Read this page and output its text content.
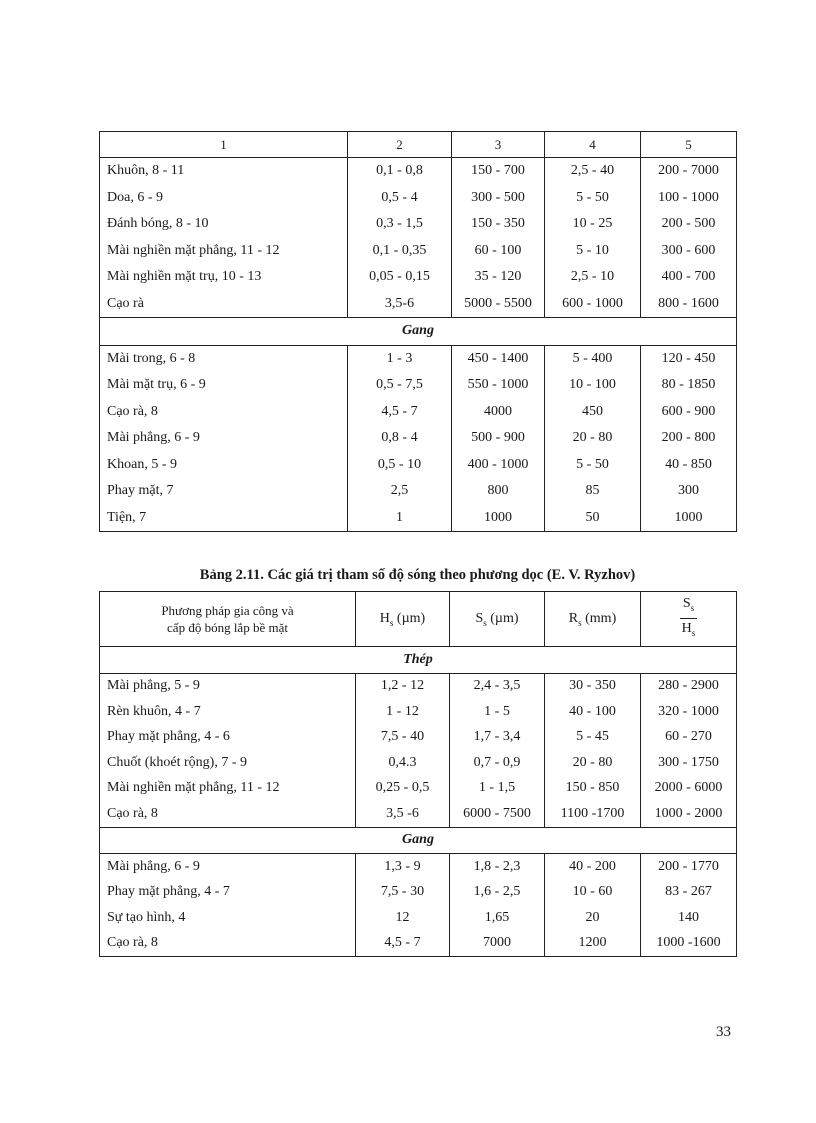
1	2	3	4	5
Khuôn, 8 - 11	0,1 - 0,8	150 - 700	2,5 - 40	200 - 7000
Doa, 6 - 9	0,5 - 4	300 - 500	5 - 50	100 - 1000
Đánh bóng, 8 - 10	0,3 - 1,5	150 - 350	10 - 25	200 - 500
Mài nghiền mặt phẳng, 11 - 12	0,1 - 0,35	60 - 100	5 - 10	300 - 600
Mài nghiền mặt trụ, 10 - 13	0,05 - 0,15	35 - 120	2,5 - 10	400 - 700
Cạo rà	3,5-6	5000 - 5500	600 - 1000	800 - 1600
Gang				
Mài trong, 6 - 8	1 - 3	450 - 1400	5 - 400	120 - 450
Mài mặt trụ, 6 - 9	0,5 - 7,5	550 - 1000	10 - 100	80 - 1850
Cạo rà, 8	4,5 - 7	4000	450	600 - 900
Mài phẳng, 6 - 9	0,8 - 4	500 - 900	20 - 80	200 - 800
Khoan, 5 - 9	0,5 - 10	400 - 1000	5 - 50	40 - 850
Phay mặt, 7	2,5	800	85	300
Tiện, 7	1	1000	50	1000
Bảng 2.11. Các giá trị tham số độ sóng theo phương dọc (E. V. Ryzhov)
Phương pháp gia công và
cấp độ bóng lắp bề mặt	$H_s$ (µm)	$S_s$ (µm)	$R_s$ (mm)	$\frac{S_s}{H_s}$

Thép				
Mài phẳng, 5 - 9	1,2 - 12	2,4 - 3,5	30 - 350	280 - 2900
Rèn khuôn, 4 - 7	1 - 12	1 - 5	40 - 100	320 - 1000
Phay mặt phẳng, 4 - 6	7,5 - 40	1,7 - 3,4	5 - 45	60 - 270
Chuốt (khoét rộng), 7 - 9	0,4.3	0,7 - 0,9	20 - 80	300 - 1750
Mài nghiền mặt phẳng, 11 - 12	0,25 - 0,5	1 - 1,5	150 - 850	2000 - 6000
Cạo rà, 8	3,5 -6	6000 - 7500	1100 -1700	1000 - 2000
Gang				
Mài phẳng, 6 - 9	1,3 - 9	1,8 - 2,3	40 - 200	200 - 1770
Phay mặt phẳng, 4 - 7	7,5 - 30	1,6 - 2,5	10 - 60	83 - 267
Sự tạo hình, 4	12	1,65	20	140
Cạo rà, 8	4,5 - 7	7000	1200	1000 -1600
33
